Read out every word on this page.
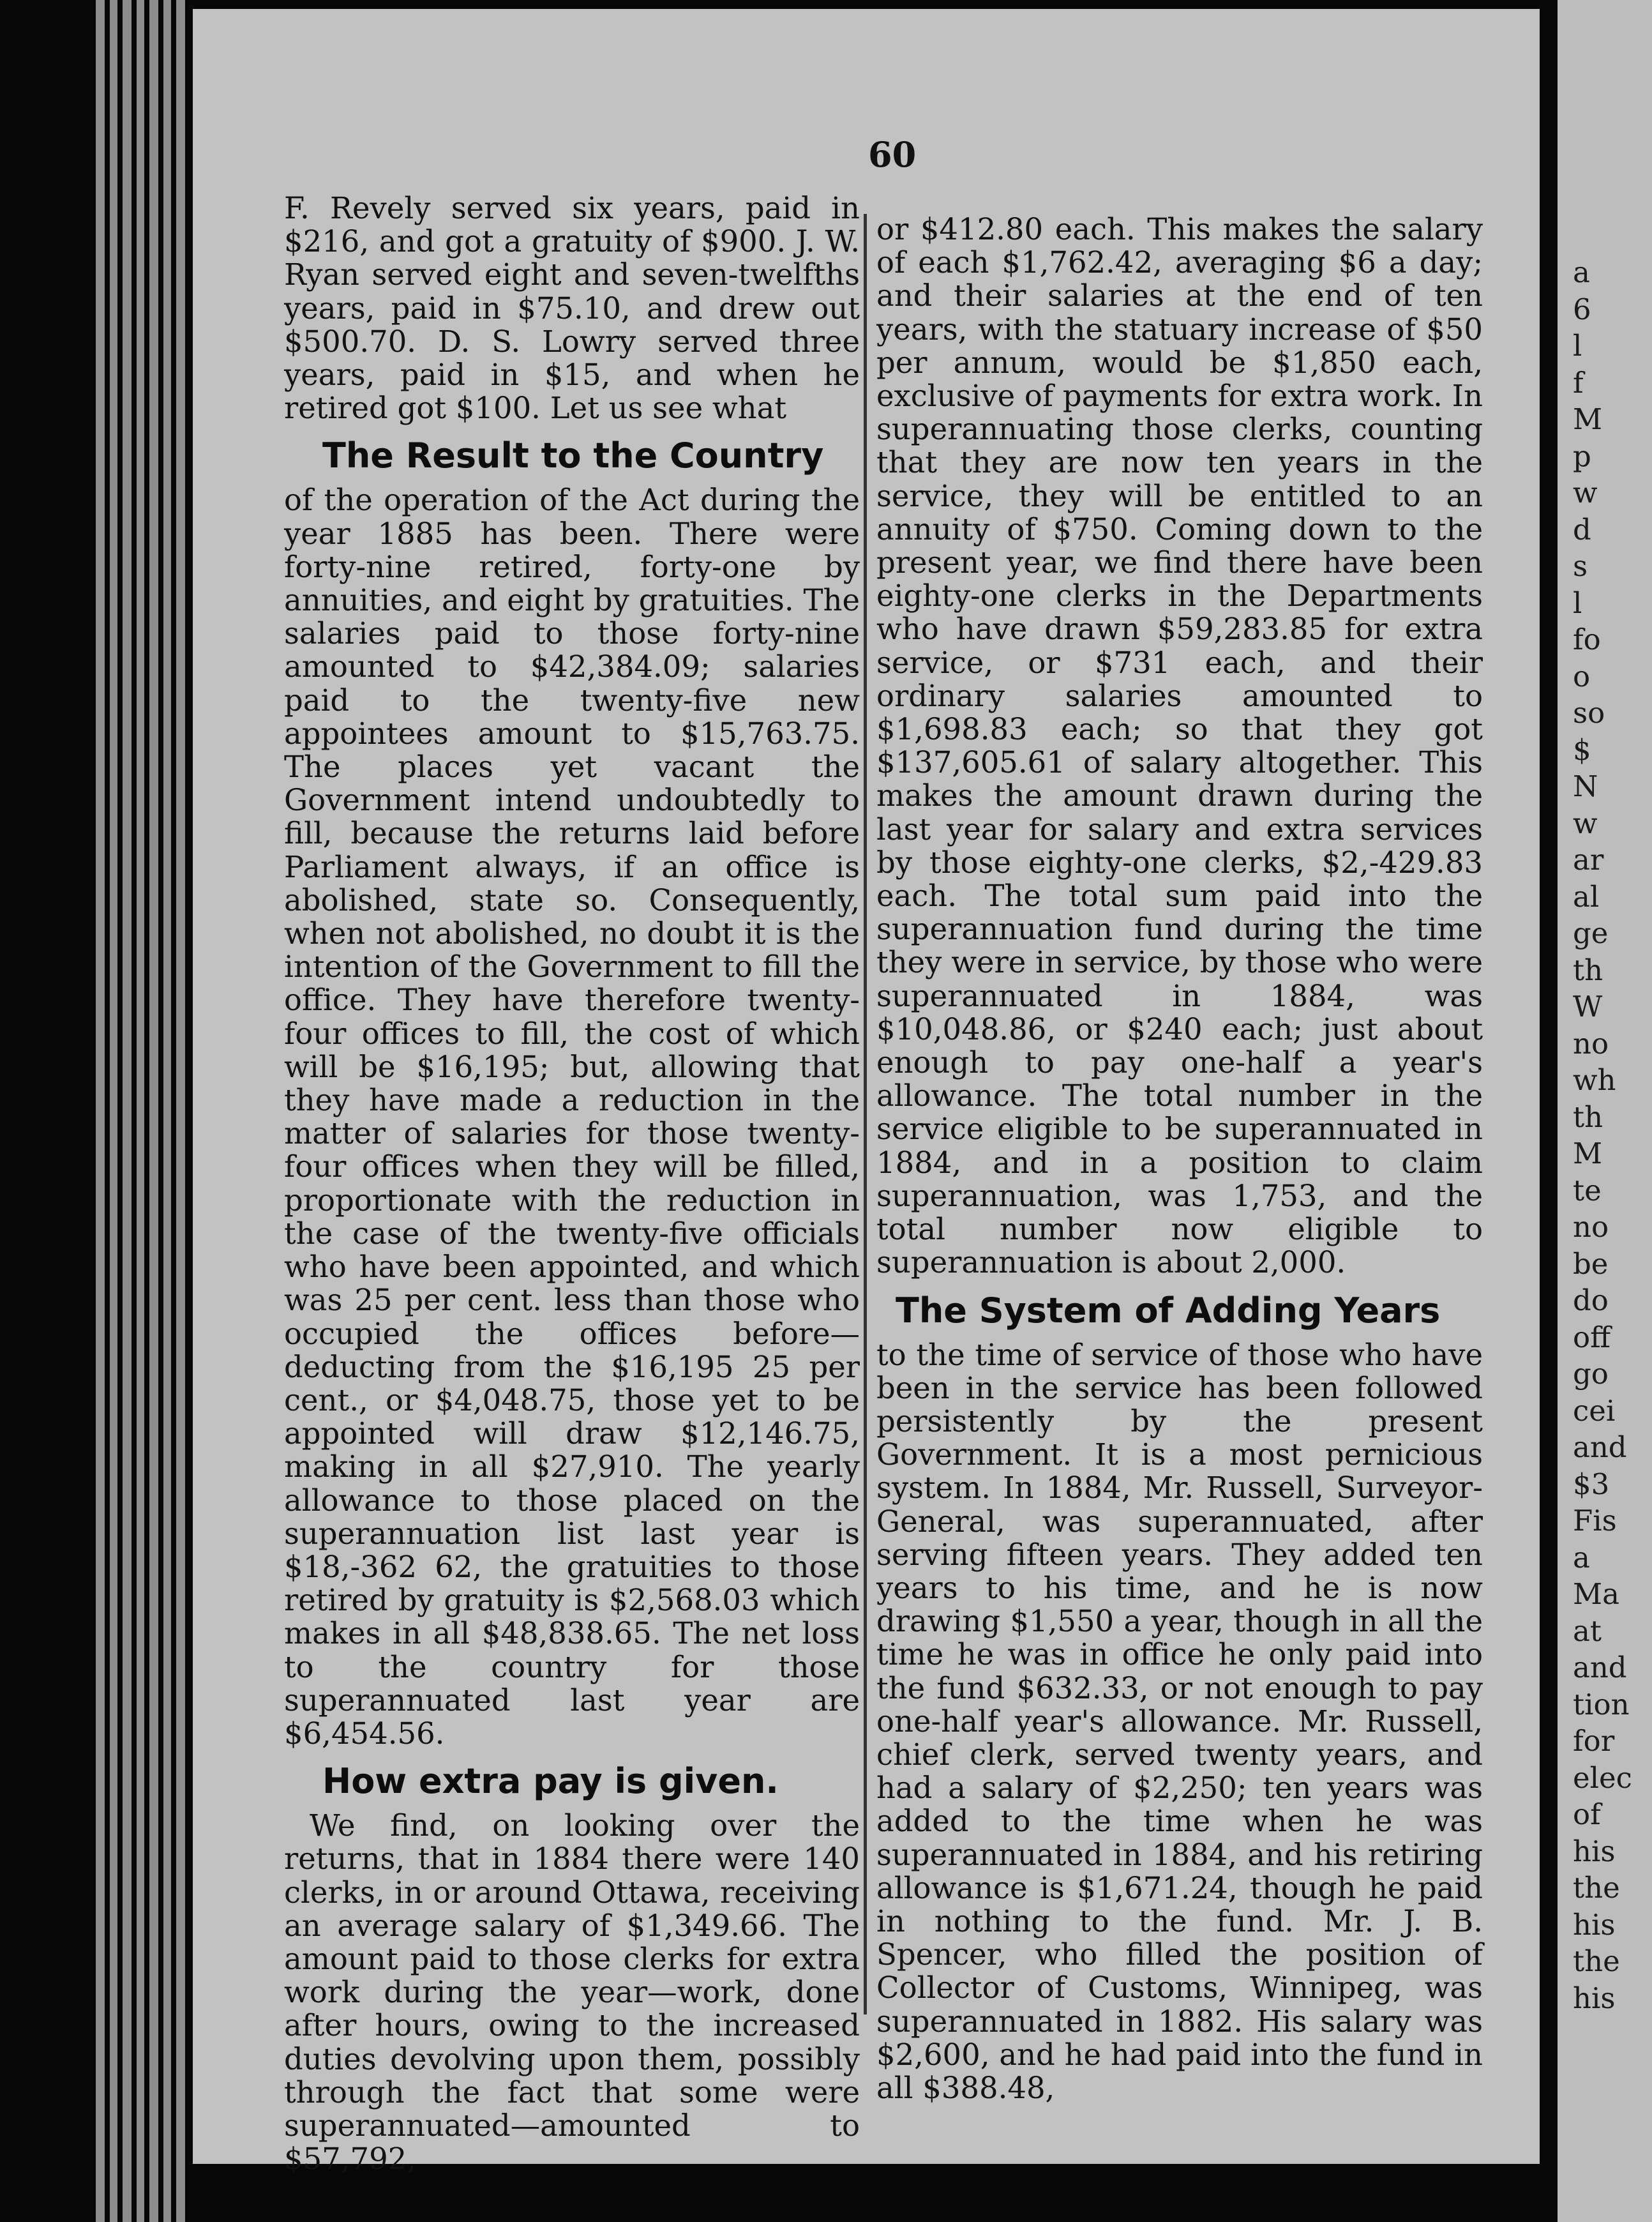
60

F. Revely served six years, paid in $216, and got a gratuity of $900. J. W. Ryan served eight and seven-twelfths years, paid in $75.10, and drew out $500.70. D. S. Lowry served three years, paid in $15, and when he retired got $100. Let us see what

The Result to the Country

of the operation of the Act during the year 1885 has been. There were forty-nine retired, forty-one by annuities, and eight by gratuities. The salaries paid to those forty-nine amounted to $42,384.09; salaries paid to the twenty-five new appointees amount to $15,763.75. The places yet vacant the Government intend undoubtedly to fill, because the returns laid before Parliament always, if an office is abolished, state so. Consequently, when not abolished, no doubt it is the intention of the Government to fill the office. They have therefore twenty-four offices to fill, the cost of which will be $16,195; but, allowing that they have made a reduction in the matter of salaries for those twenty-four offices when they will be filled, proportionate with the reduction in the case of the twenty-five officials who have been appointed, and which was 25 per cent. less than those who occupied the offices before—deducting from the $16,195 25 per cent., or $4,048.75, those yet to be appointed will draw $12,146.75, making in all $27,910. The yearly allowance to those placed on the superannuation list last year is $18,-362 62, the gratuities to those retired by gratuity is $2,568.03 which makes in all $48,838.65. The net loss to the country for those superannuated last year are $6,454.56.

How extra pay is given.

We find, on looking over the returns, that in 1884 there were 140 clerks, in or around Ottawa, receiving an average salary of $1,349.66. The amount paid to those clerks for extra work during the year—work, done after hours, owing to the increased duties devolving upon them, possibly through the fact that some were superannuated—amounted to $57,792,

or $412.80 each. This makes the salary of each $1,762.42, averaging $6 a day; and their salaries at the end of ten years, with the statuary increase of $50 per annum, would be $1,850 each, exclusive of payments for extra work. In superannuating those clerks, counting that they are now ten years in the service, they will be entitled to an annuity of $750. Coming down to the present year, we find there have been eighty-one clerks in the Departments who have drawn $59,283.85 for extra service, or $731 each, and their ordinary salaries amounted to $1,698.83 each; so that they got $137,605.61 of salary altogether. This makes the amount drawn during the last year for salary and extra services by those eighty-one clerks, $2,-429.83 each. The total sum paid into the superannuation fund during the time they were in service, by those who were superannuated in 1884, was $10,048.86, or $240 each; just about enough to pay one-half a year's allowance. The total number in the service eligible to be superannuated in 1884, and in a position to claim superannuation, was 1,753, and the total number now eligible to superannuation is about 2,000.

The System of Adding Years

to the time of service of those who have been in the service has been followed persistently by the present Government. It is a most pernicious system. In 1884, Mr. Russell, Surveyor-General, was superannuated, after serving fifteen years. They added ten years to his time, and he is now drawing $1,550 a year, though in all the time he was in office he only paid into the fund $632.33, or not enough to pay one-half year's allowance. Mr. Russell, chief clerk, served twenty years, and had a salary of $2,250; ten years was added to the time when he was superannuated in 1884, and his retiring allowance is $1,671.24, though he paid in nothing to the fund. Mr. J. B. Spencer, who filled the position of Collector of Customs, Winnipeg, was superannuated in 1882. His salary was $2,600, and he had paid into the fund in all $388.48,

a
6
l
f
M
p
w
d
s
l
fo
o
so
$
N
w
ar
al
ge
th
W
no
wh
th
M
te
no
be
do
off
go
cei
and
$3
Fis
a
Ma
at
and
tion
for
elec
of
his
the
his
the
his
